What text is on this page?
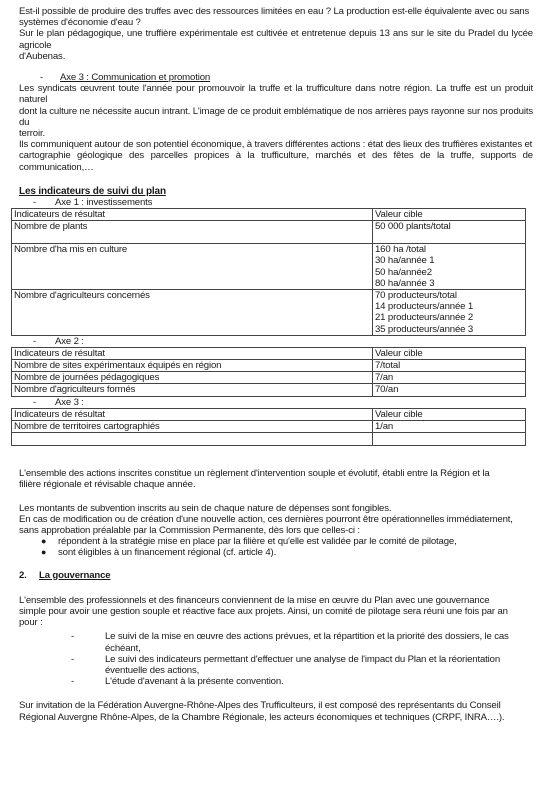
Est-il possible de produire des truffes avec des ressources limitées en eau ? La production est-elle équivalente avec ou sans

systèmes d'économie d'eau ?

Sur le plan pédagogique, une truffière expérimentale est cultivée et entretenue depuis 13 ans sur le site du Pradel du lycée agricole

d'Aubenas.

- Axe 3 : Communication et promotion

Les syndicats œuvrent toute l'année pour promouvoir la truffe et la trufficulture dans notre région. La truffe est un produit naturel

dont la culture ne nécessite aucun intrant. L'image de ce produit emblématique de nos arrières pays rayonne sur nos produits du

terroir.

Ils communiquent autour de son potentiel économique, à travers différentes actions : état des lieux des truffières existantes et

cartographie géologique des parcelles propices à la trufficulture, marchés et des fêtes de la truffe, supports de communication,…

Les indicateurs de suivi du plan
- Axe 1 : investissements
Indicateurs de résultat	Valeur cible
Nombre de plants	50 000 plants/total

Nombre d'ha mis en culture	160 ha /total
30 ha/année 1
50 ha/année2
80 ha/année 3

Nombre d'agriculteurs concernés	70 producteurs/total
14 producteurs/année 1
21 producteurs/année 2
35 producteurs/année 3
- Axe 2 :
Indicateurs de résultat	Valeur cible
Nombre de sites expérimentaux équipés en région	7/total
Nombre de journées pédagogiques	7/an
Nombre d'agriculteurs formés	70/an
- Axe 3 :
Indicateurs de résultat	Valeur cible
Nombre de territoires cartographiés	1/an

L'ensemble des actions inscrites constitue un règlement d'intervention souple et évolutif, établi entre la Région et la

filière régionale et révisable chaque année.

Les montants de subvention inscrits au sein de chaque nature de dépenses sont fongibles.

En cas de modification ou de création d'une nouvelle action, ces dernières pourront être opérationnelles immédiatement,

sans approbation préalable par la Commission Permanente, dès lors que celles-ci :

● répondent à la stratégie mise en place par la filière et qu'elle est validée par le comité de pilotage,
● sont éligibles à un financement régional (cf. article 4).
2. La gouvernance

L'ensemble des professionnels et des financeurs conviennent de la mise en œuvre du Plan avec une gouvernance

simple pour avoir une gestion souple et réactive face aux projets. Ainsi, un comité de pilotage sera réuni une fois par an

pour :

-	Le suivi de la mise en œuvre des actions prévues, et la répartition et la priorité des dossiers, le cas
échéant,
-	Le suivi des indicateurs permettant d'effectuer une analyse de l'impact du Plan et la réorientation
éventuelle des actions,
-	L'étude d'avenant à la présente convention.

Sur invitation de la Fédération Auvergne-Rhône-Alpes des Trufficulteurs, il est composé des représentants du Conseil

Régional Auvergne Rhône-Alpes, de la Chambre Régionale, les acteurs économiques et techniques (CRPF, INRA….).
